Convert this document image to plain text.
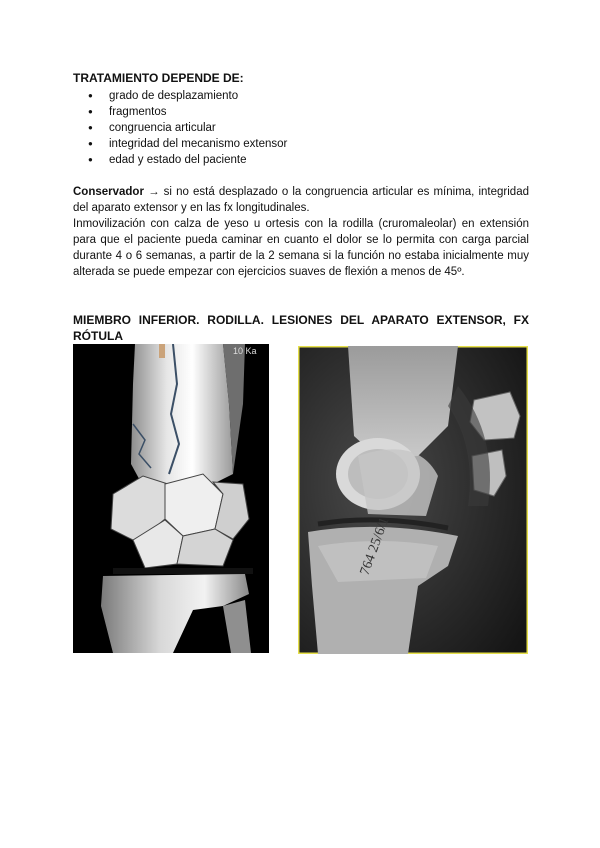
TRATAMIENTO DEPENDE DE:
● grado de desplazamiento
● fragmentos
● congruencia articular
● integridad del mecanismo extensor
● edad y estado del paciente

Conservador → si no está desplazado o la congruencia articular es mínima, integridad del aparato extensor y en las fx longitudinales.

Inmovilización con calza de yeso u ortesis con la rodilla (cruromaleolar) en extensión para que el paciente pueda caminar en cuanto el dolor se lo permita con carga parcial durante 4 o 6 semanas, a partir de la 2 semana si la función no estaba inicialmente muy alterada se puede empezar con ejercicios suaves de flexión a menos de 45º.

MIEMBRO INFERIOR. RODILLA. LESIONES DEL APARATO EXTENSOR, FX RÓTULA

10 Ka
764 25/6/1
